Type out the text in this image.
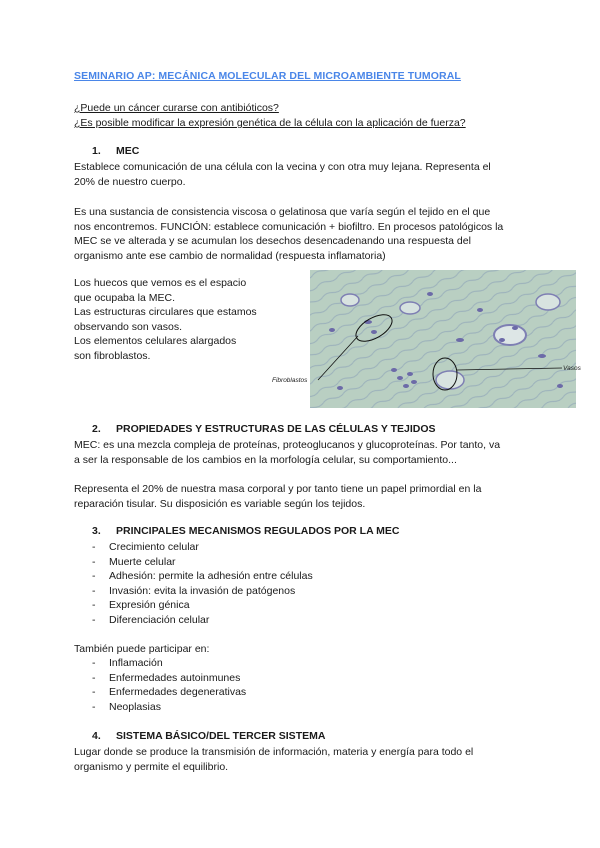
SEMINARIO AP: MECÁNICA MOLECULAR DEL MICROAMBIENTE TUMORAL
¿Puede un cáncer curarse con antibióticos?
¿Es posible modificar la expresión genética de la célula con la aplicación de fuerza?
1. MEC
Establece comunicación de una célula con la vecina y con otra muy lejana. Representa el
20% de nuestro cuerpo.
Es una sustancia de consistencia viscosa o gelatinosa que varía según el tejido en el que
nos encontremos. FUNCIÓN: establece comunicación + biofiltro. En procesos patológicos la
MEC se ve alterada y se acumulan los desechos desencadenando una respuesta del
organismo ante ese cambio de normalidad (respuesta inflamatoria)
Los huecos que vemos es el espacio
que ocupaba la MEC.
Las estructuras circulares que estamos
observando son vasos.
Los elementos celulares alargados
son fibroblastos.
Fibroblastos
Vasos
2. PROPIEDADES Y ESTRUCTURAS DE LAS CÉLULAS Y TEJIDOS
MEC: es una mezcla compleja de proteínas, proteoglucanos y glucoproteínas. Por tanto, va
a ser la responsable de los cambios en la morfología celular, su comportamiento...
Representa el 20% de nuestra masa corporal y por tanto tiene un papel primordial en la
reparación tisular. Su disposición es variable según los tejidos.
3. PRINCIPALES MECANISMOS REGULADOS POR LA MEC
- Crecimiento celular
- Muerte celular
- Adhesión: permite la adhesión entre células
- Invasión: evita la invasión de patógenos
- Expresión génica
- Diferenciación celular
También puede participar en:
- Inflamación
- Enfermedades autoinmunes
- Enfermedades degenerativas
- Neoplasias
4. SISTEMA BÁSICO/DEL TERCER SISTEMA
Lugar donde se produce la transmisión de información, materia y energía para todo el
organismo y permite el equilibrio.
